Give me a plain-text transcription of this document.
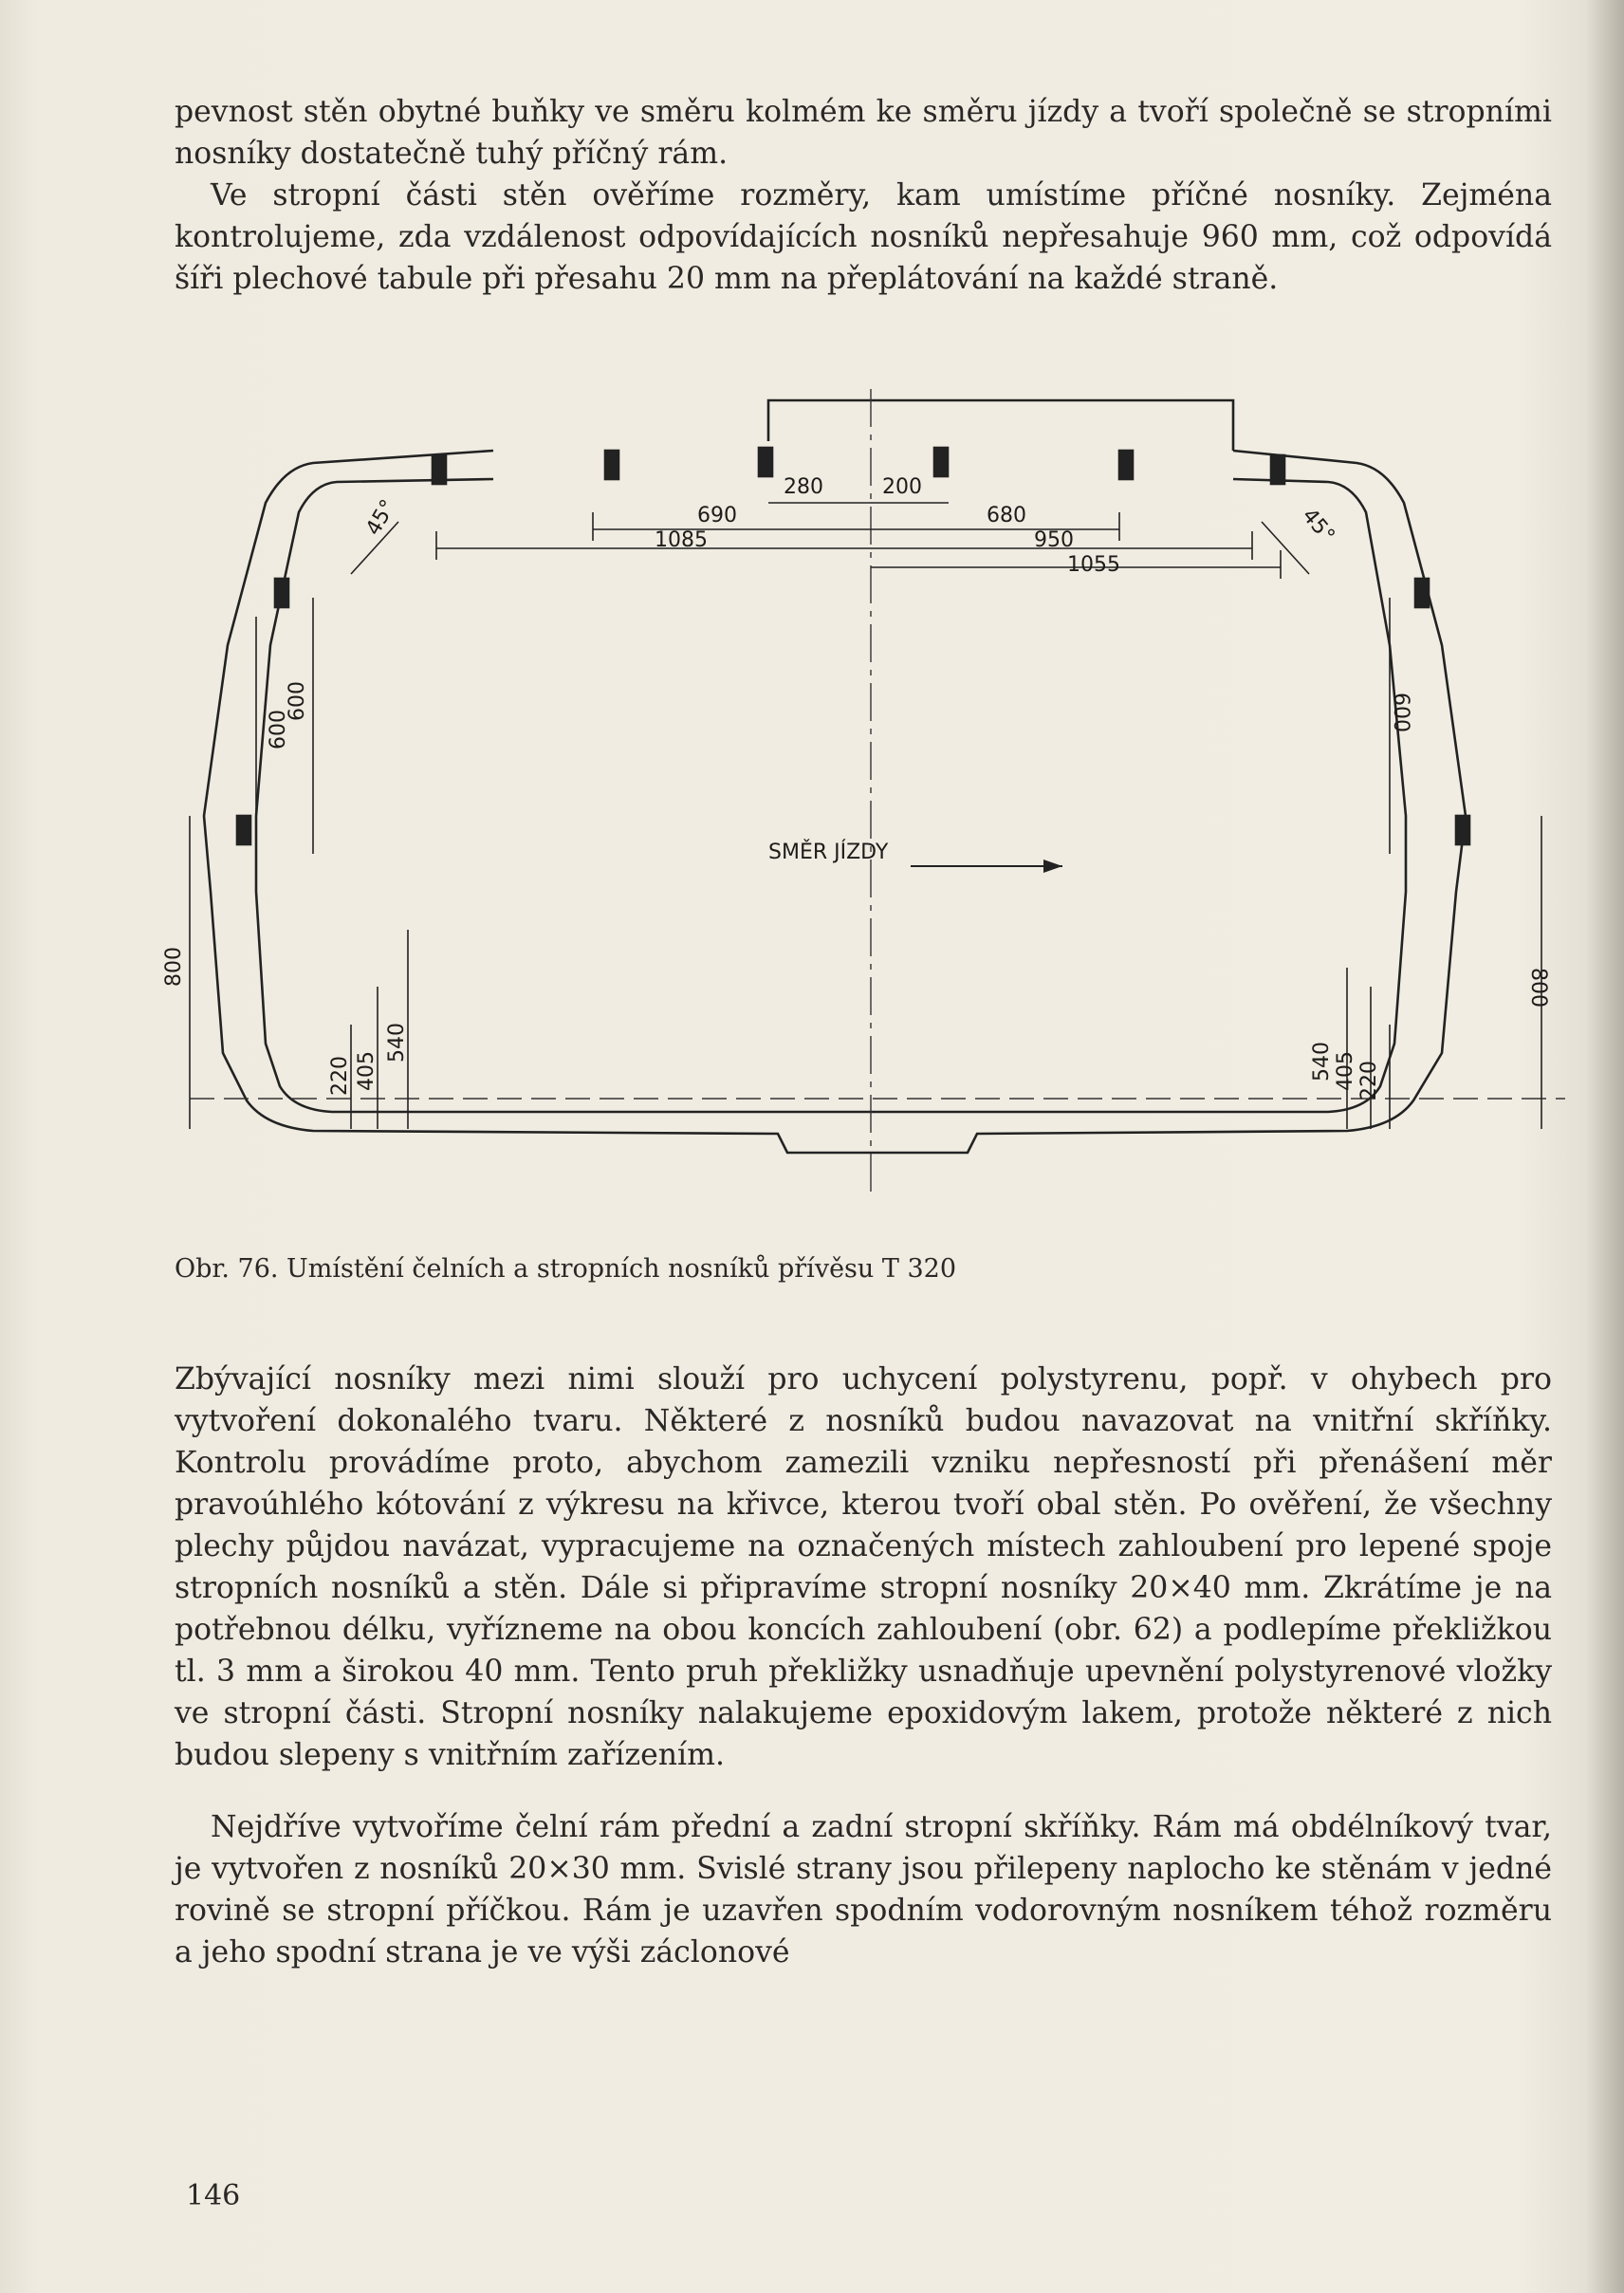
pevnost stěn obytné buňky ve směru kolmém ke směru jízdy a tvoří společně se stropními nosníky dostatečně tuhý příčný rám.
Ve stropní části stěn ověříme rozměry, kam umístíme příčné nosníky. Zejména kontrolujeme, zda vzdálenost odpovídajících nosníků nepřesahuje 960 mm, což odpovídá šíři plechové tabule při přesahu 20 mm na přeplátování na každé straně.
280	200
690
1085
680
950
1055
45°	45°
600
600	600
800
800
540
405
220	540 405 220
SMĚR JÍZDY
Obr. 76. Umístění čelních a stropních nosníků přívěsu T 320
Zbývající nosníky mezi nimi slouží pro uchycení polystyrenu, popř. v ohybech pro vytvoření dokonalého tvaru. Některé z nosníků budou navazovat na vnitřní skříňky. Kontrolu provádíme proto, abychom zamezili vzniku nepřesností při přenášení měr pravoúhlého kótování z výkresu na křivce, kterou tvoří obal stěn. Po ověření, že všechny plechy půjdou navázat, vypracujeme na označených místech zahloubení pro lepené spoje stropních nosníků a stěn. Dále si připravíme stropní nosníky 20×40 mm. Zkrátíme je na potřebnou délku, vyřízneme na obou koncích zahloubení (obr. 62) a podlepíme překližkou tl. 3 mm a širokou 40 mm. Tento pruh překližky usnadňuje upevnění polystyrenové vložky ve stropní části. Stropní nosníky nalakujeme epoxidovým lakem, protože některé z nich budou slepeny s vnitřním zařízením.
Nejdříve vytvoříme čelní rám přední a zadní stropní skříňky. Rám má obdélníkový tvar, je vytvořen z nosníků 20×30 mm. Svislé strany jsou přilepeny naplocho ke stěnám v jedné rovině se stropní příčkou. Rám je uzavřen spodním vodorovným nosníkem téhož rozměru a jeho spodní strana je ve výši záclonové
146
